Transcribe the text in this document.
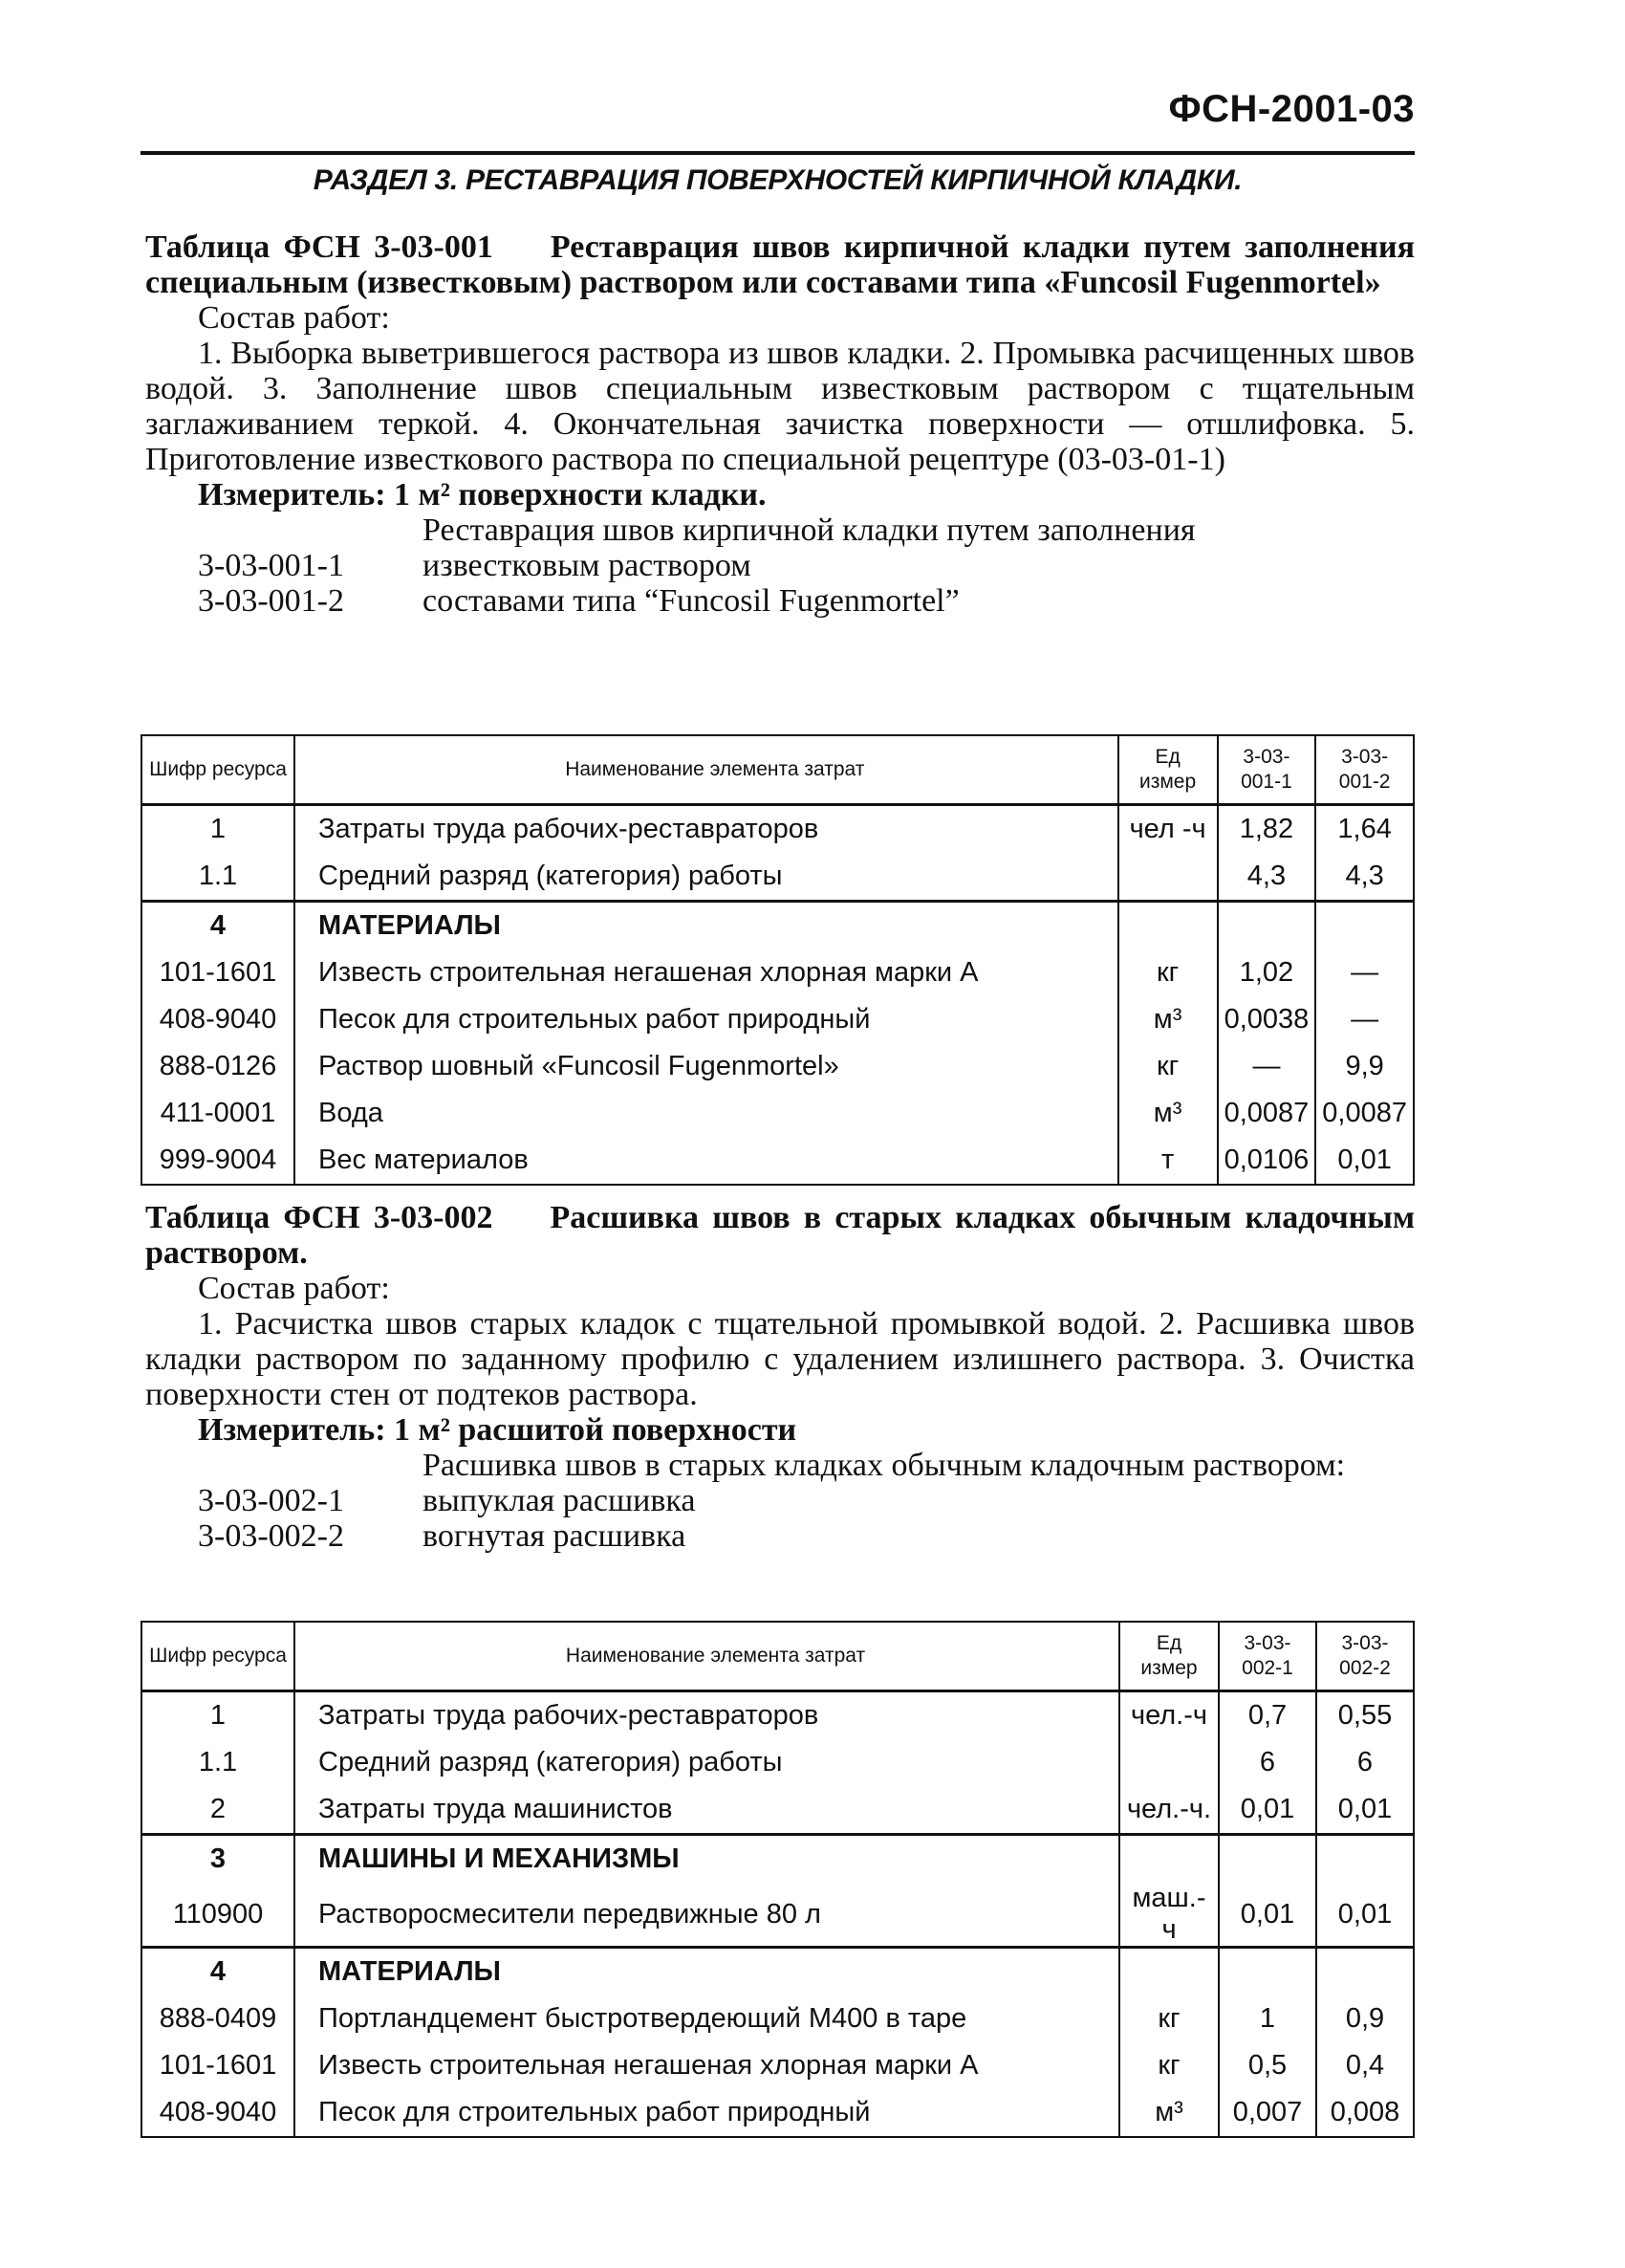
ФСН-2001-03
РАЗДЕЛ 3. РЕСТАВРАЦИЯ ПОВЕРХНОСТЕЙ КИРПИЧНОЙ КЛАДКИ.

Таблица ФСН 3-03-001 Реставрация швов кирпичной кладки путем заполнения специальным (известковым) раствором или составами типа «Funcosil Fugenmortel»

Состав работ:

1. Выборка выветрившегося раствора из швов кладки. 2. Промывка расчищенных швов водой. 3. Заполнение швов специальным известковым раствором с тщательным заглаживанием теркой. 4. Окончательная зачистка поверхности — отшлифовка. 5. Приготовление известкового раствора по специальной рецептуре (03-03-01-1)

Измеритель: 1 м² поверхности кладки.

Реставрация швов кирпичной кладки путем заполнения
3-03-001-1	известковым раствором
3-03-001-2	составами типа “Funcosil Fugenmortel”
Шифр ресурса	Наименование элемента затрат	Ед измер	3-03-001-1	3-03-001-2
1	Затраты труда рабочих-реставраторов	чел -ч	1,82	1,64
1.1	Средний разряд (категория) работы		4,3	4,3
4	МАТЕРИАЛЫ			
101-1601	Известь строительная негашеная хлорная марки А	кг	1,02	—
408-9040	Песок для строительных работ природный	м³	0,0038	—
888-0126	Раствор шовный «Funcosil Fugenmortel»	кг	—	9,9
411-0001	Вода	м³	0,0087	0,0087
999-9004	Вес материалов	т	0,0106	0,01

Таблица ФСН 3-03-002 Расшивка швов в старых кладках обычным кладочным раствором.

Состав работ:

1. Расчистка швов старых кладок с тщательной промывкой водой. 2. Расшивка швов кладки раствором по заданному профилю с удалением излишнего раствора. 3. Очистка поверхности стен от подтеков раствора.

Измеритель: 1 м² расшитой поверхности

Расшивка швов в старых кладках обычным кладочным раствором:
3-03-002-1	выпуклая расшивка
3-03-002-2	вогнутая расшивка
Шифр ресурса	Наименование элемента затрат	Ед измер	3-03-002-1	3-03-002-2
1	Затраты труда рабочих-реставраторов	чел.-ч	0,7	0,55
1.1	Средний разряд (категория) работы		6	6
2	Затраты труда машинистов	чел.-ч.	0,01	0,01
3	МАШИНЫ И МЕХАНИЗМЫ			
110900	Растворосмесители передвижные 80 л	маш.-ч	0,01	0,01
4	МАТЕРИАЛЫ			
888-0409	Портландцемент быстротвердеющий М400 в таре	кг	1	0,9
101-1601	Известь строительная негашеная хлорная марки А	кг	0,5	0,4
408-9040	Песок для строительных работ природный	м³	0,007	0,008
